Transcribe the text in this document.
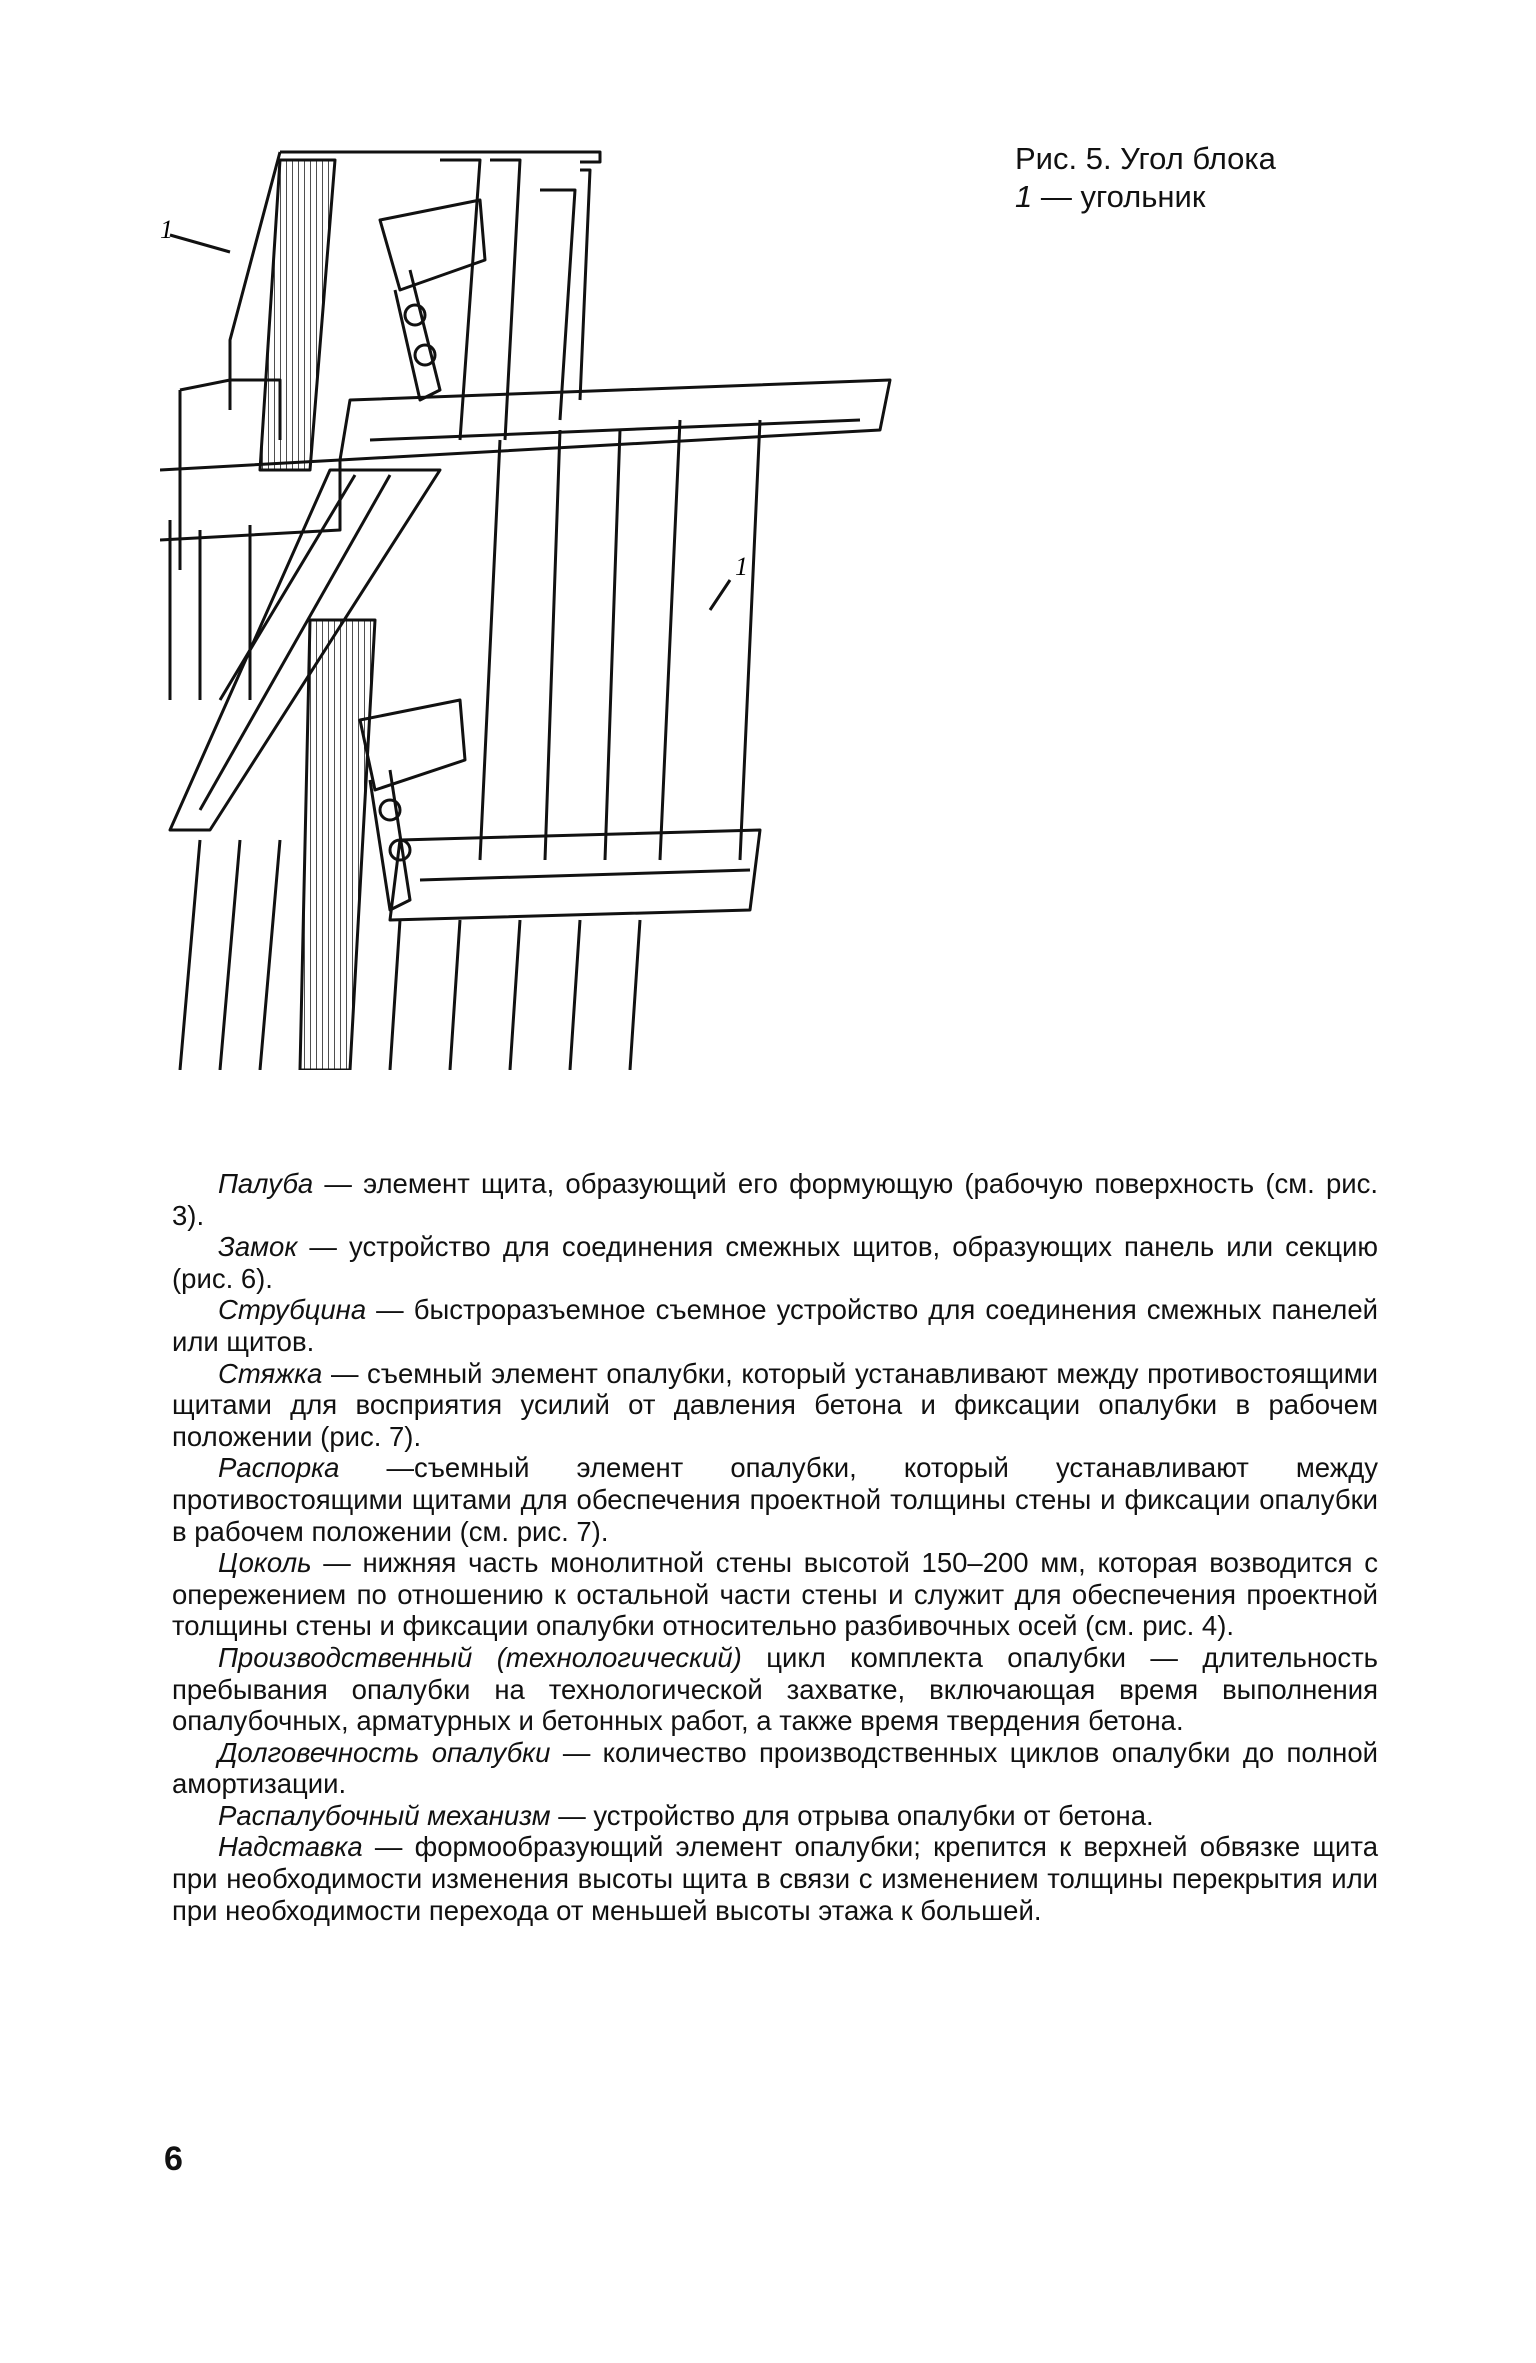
1
1
Рис. 5. Угол блока
1 — угольник

Палуба — элемент щита, образующий его формующую (рабочую поверхность (см. рис. 3).

Замок — устройство для соединения смежных щитов, образующих панель или секцию (рис. 6).

Струбцина — быстроразъемное съемное устройство для соединения смежных панелей или щитов.

Стяжка — съемный элемент опалубки, который устанавливают между противостоящими щитами для восприятия усилий от давления бетона и фиксации опалубки в рабочем положении (рис. 7).

Распорка —съемный элемент опалубки, который устанавливают между противостоящими щитами для обеспечения проектной толщины стены и фиксации опалубки в рабочем положении (см. рис. 7).

Цоколь — нижняя часть монолитной стены высотой 150–200 мм, которая возводится с опережением по отношению к остальной части стены и служит для обеспечения проектной толщины стены и фиксации опалубки относительно разбивочных осей (см. рис. 4).

Производственный (технологический) цикл комплекта опалубки — длительность пребывания опалубки на технологической захватке, включающая время выполнения опалубочных, арматурных и бетонных работ, а также время твердения бетона.

Долговечность опалубки — количество производственных циклов опалубки до полной амортизации.

Распалубочный механизм — устройство для отрыва опалубки от бетона.

Надставка — формообразующий элемент опалубки; крепится к верхней обвязке щита при необходимости изменения высоты щита в связи с изменением толщины перекрытия или при необходимости перехода от меньшей высоты этажа к большей.

6
